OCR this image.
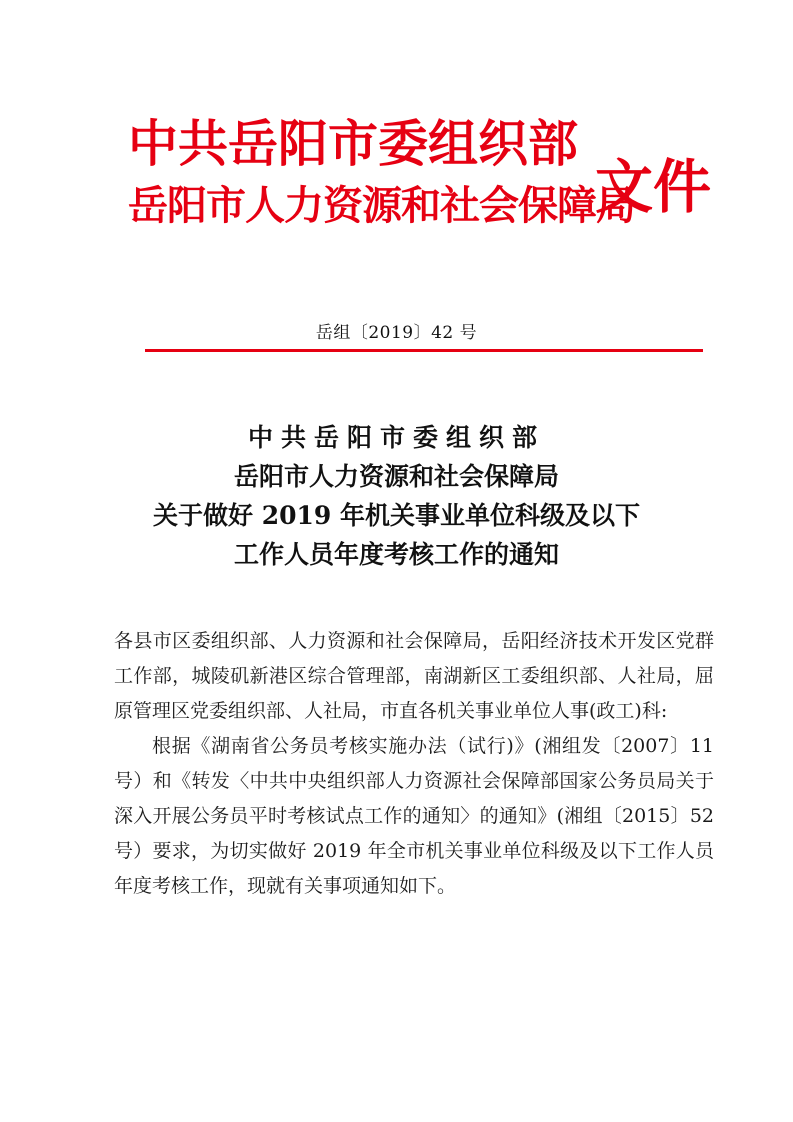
中共岳阳市委组织部
岳阳市人力资源和社会保障局
文件
岳组〔2019〕42 号
中共岳阳市委组织部
岳阳市人力资源和社会保障局
关于做好 2019 年机关事业单位科级及以下
工作人员年度考核工作的通知

各县市区委组织部、人力资源和社会保障局，岳阳经济技术开发区党群工作部，城陵矶新港区综合管理部，南湖新区工委组织部、人社局，屈原管理区党委组织部、人社局，市直各机关事业单位人事(政工)科:

根据《湖南省公务员考核实施办法（试行)》(湘组发〔2007〕11 号）和《转发〈中共中央组织部人力资源社会保障部国家公务员局关于深入开展公务员平时考核试点工作的通知〉的通知》(湘组〔2015〕52 号）要求，为切实做好 2019 年全市机关事业单位科级及以下工作人员年度考核工作，现就有关事项通知如下。
